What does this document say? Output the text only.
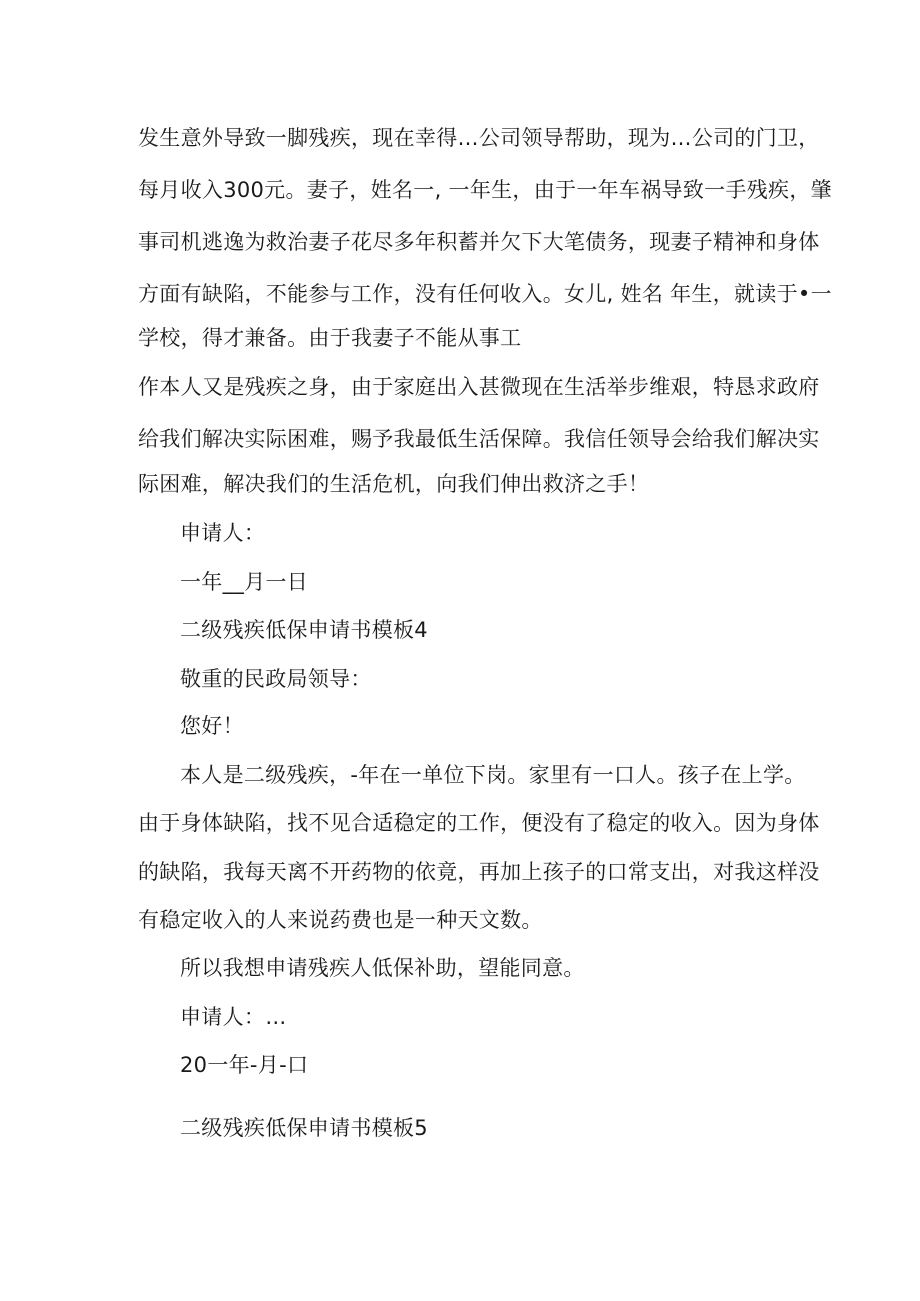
发生意外导致一脚残疾，现在幸得…公司领导帮助，现为…公司的门卫，
每月收入300元。妻子，姓名一, 一年生，由于一年车祸导致一手残疾，肇
事司机逃逸为救治妻子花尽多年积蓄并欠下大笔债务，现妻子精神和身体
方面有缺陷，不能参与工作，没有任何收入。女儿, 姓名 年生，就读于•一
学校，得才兼备。由于我妻子不能从事工
作本人又是残疾之身，由于家庭出入甚微现在生活举步维艰，特恳求政府
给我们解决实际困难，赐予我最低生活保障。我信任领导会给我们解决实
际困难，解决我们的生活危机，向我们伸出救济之手！
申请人：
一年__月一日
二级残疾低保申请书模板4
敬重的民政局领导：
您好！
本人是二级残疾，-年在一单位下岗。家里有一口人。孩子在上学。
由于身体缺陷，找不见合适稳定的工作，便没有了稳定的收入。因为身体
的缺陷，我每天离不开药物的依竟，再加上孩子的口常支出，对我这样没
有稳定收入的人来说药费也是一种天文数。
所以我想申请残疾人低保补助，望能同意。
申请人：…
20一年-月-口
二级残疾低保申请书模板5
